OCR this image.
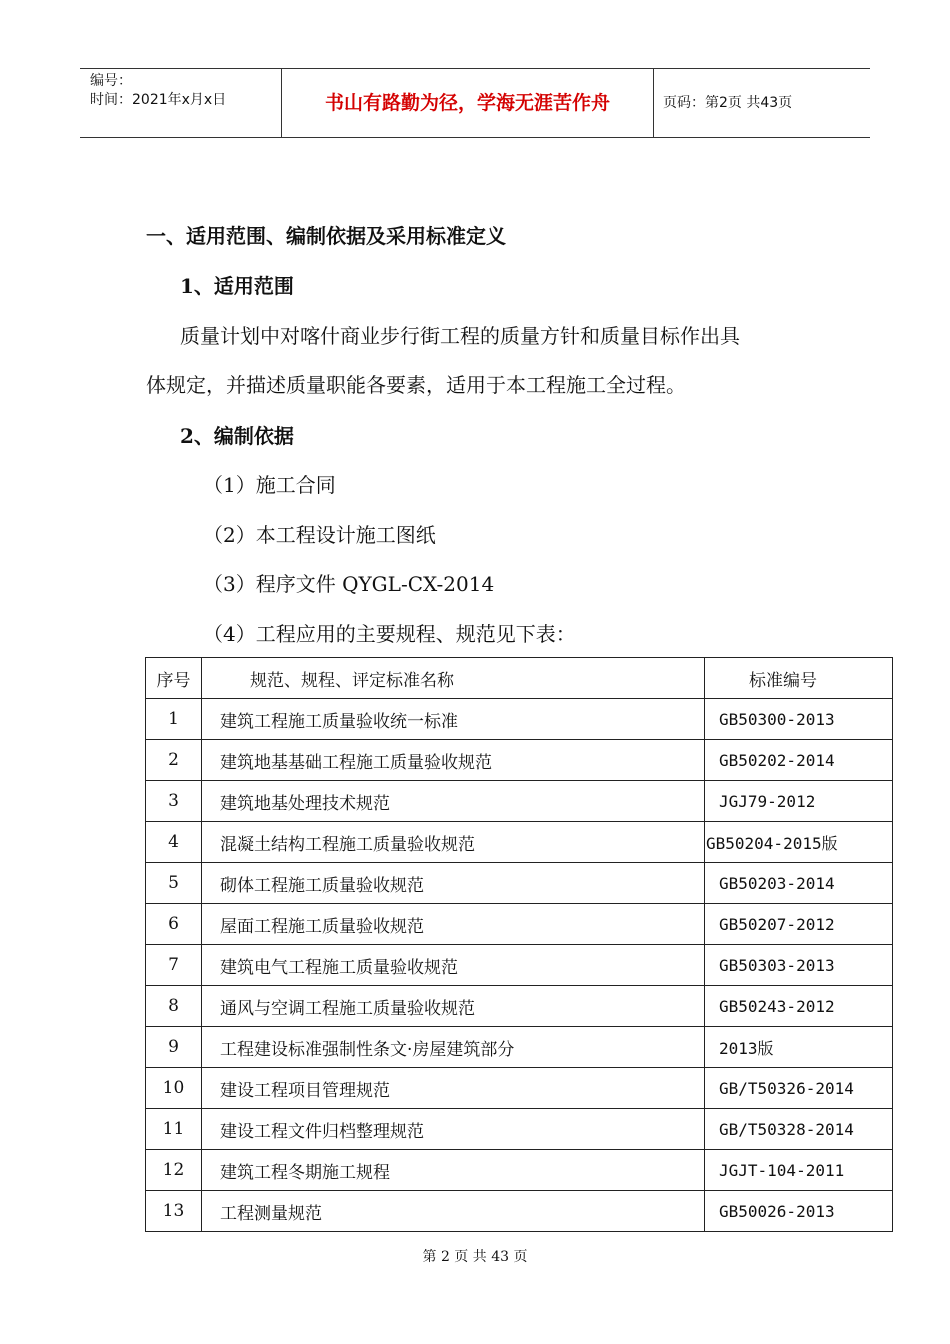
编号：
时间：2021年x月x日	书山有路勤为径，学海无涯苦作舟	页码：第2页 共43页
一、适用范围、编制依据及采用标准定义
1、适用范围
质量计划中对喀什商业步行街工程的质量方针和质量目标作出具
体规定，并描述质量职能各要素，适用于本工程施工全过程。
2、编制依据
（1）施工合同
（2）本工程设计施工图纸
（3）程序文件 QYGL-CX-2014
（4）工程应用的主要规程、规范见下表：
序号	规范、规程、评定标准名称	标准编号
1	建筑工程施工质量验收统一标准	GB50300-2013
2	建筑地基基础工程施工质量验收规范	GB50202-2014
3	建筑地基处理技术规范	JGJ79-2012
4	混凝土结构工程施工质量验收规范	GB50204-2015版
5	砌体工程施工质量验收规范	GB50203-2014
6	屋面工程施工质量验收规范	GB50207-2012
7	建筑电气工程施工质量验收规范	GB50303-2013
8	通风与空调工程施工质量验收规范	GB50243-2012
9	工程建设标准强制性条文·房屋建筑部分	2013版
10	建设工程项目管理规范	GB/T50326-2014
11	建设工程文件归档整理规范	GB/T50328-2014
12	建筑工程冬期施工规程	JGJT-104-2011
13	工程测量规范	GB50026-2013
第 2 页 共 43 页
